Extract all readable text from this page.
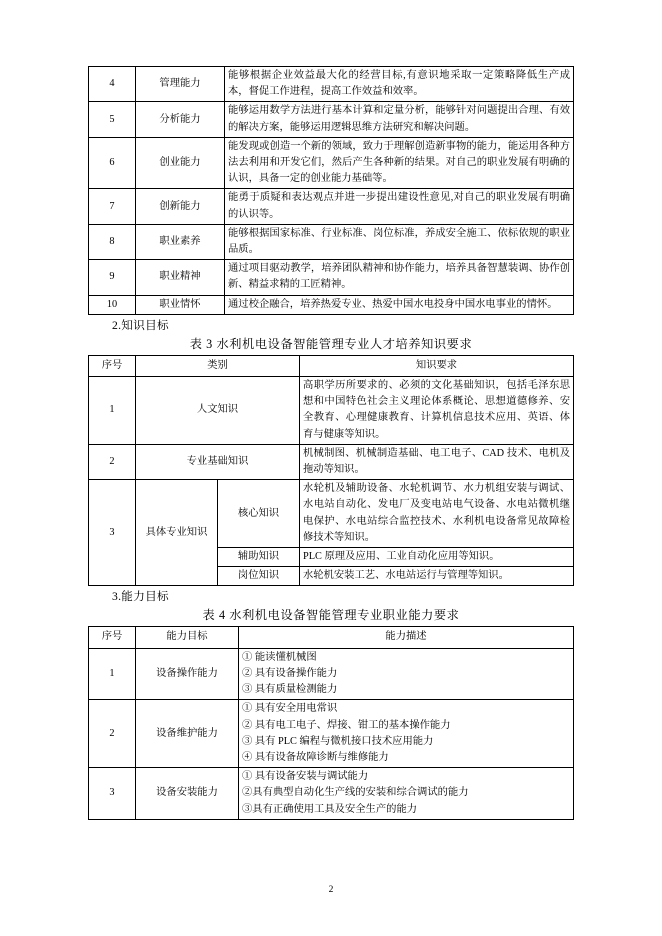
4	管理能力	能够根据企业效益最大化的经营目标,有意识地采取一定策略降低生产成本，督促工作进程，提高工作效益和效率。
5	分析能力	能够运用数学方法进行基本计算和定量分析，能够针对问题提出合理、有效的解决方案，能够运用逻辑思维方法研究和解决问题。
6	创业能力	能发现或创造一个新的领域，致力于理解创造新事物的能力，能运用各种方法去利用和开发它们，然后产生各种新的结果。对自己的职业发展有明确的认识，具备一定的创业能力基础等。
7	创新能力	能勇于质疑和表达观点并进一步提出建设性意见,对自己的职业发展有明确的认识等。
8	职业素养	能够根据国家标准、行业标准、岗位标准，养成安全施工、依标依规的职业品质。
9	职业精神	通过项目驱动教学，培养团队精神和协作能力，培养具备智慧装调、协作创新、精益求精的工匠精神。
10	职业情怀	通过校企融合，培养热爱专业、热爱中国水电投身中国水电事业的情怀。

2.知识目标

表 3 水利机电设备智能管理专业人才培养知识要求

序号	类别		知识要求
1	人文知识		高职学历所要求的、必须的文化基础知识，包括毛泽东思想和中国特色社会主义理论体系概论、思想道德修养、安全教育、心理健康教育、计算机信息技术应用、英语、体育与健康等知识。
2	专业基础知识		机械制图、机械制造基础、电工电子、CAD 技术、电机及拖动等知识。
3	具体专业知识	核心知识	水轮机及辅助设备、水轮机调节、水力机组安装与调试、水电站自动化、发电厂及变电站电气设备、水电站微机继电保护、水电站综合监控技术、水利机电设备常见故障检修技术等知识。
		辅助知识	PLC 原理及应用、工业自动化应用等知识。
		岗位知识	水轮机安装工艺、水电站运行与管理等知识。

3.能力目标

表 4 水利机电设备智能管理专业职业能力要求

序号	能力目标	能力描述
1	设备操作能力	① 能读懂机械图
② 具有设备操作能力
③ 具有质量检测能力

2	设备维护能力	① 具有安全用电常识
② 具有电工电子、焊接、钳工的基本操作能力
③ 具有 PLC 编程与微机接口技术应用能力
④ 具有设备故障诊断与维修能力

3	设备安装能力	① 具有设备安装与调试能力
②具有典型自动化生产线的安装和综合调试的能力
③具有正确使用工具及安全生产的能力
2
